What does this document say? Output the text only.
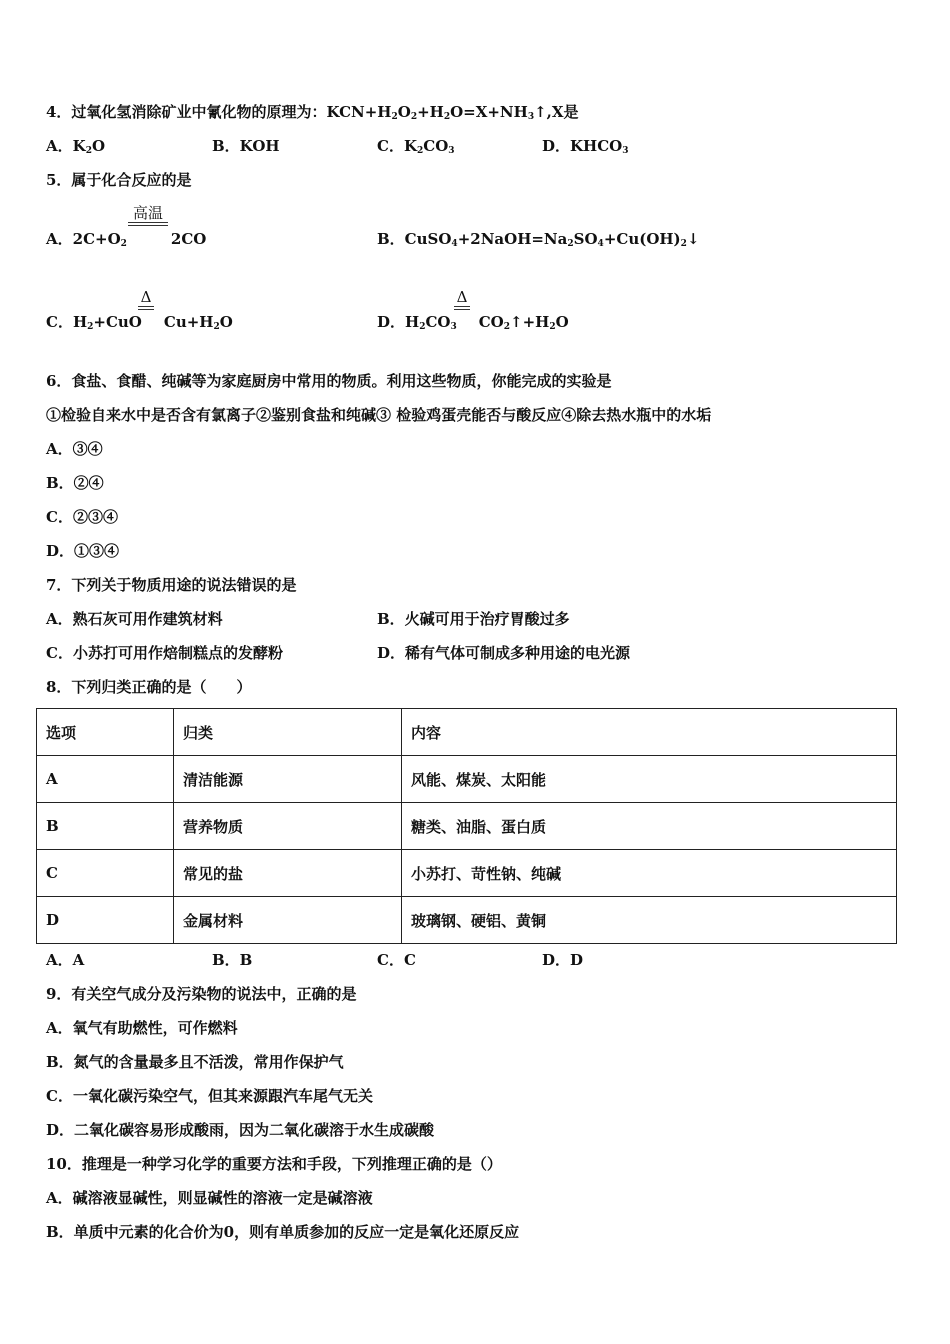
4．过氧化氢消除矿业中氰化物的原理为：$KCN+H_2O_2+H_2O=X+NH_3↑,X$是
A．$K_2O$	B．KOH	C．$K_2CO_3$	D．$KHCO_3$
5．属于化合反应的是
A．$2C+O_2$	2CO
高温
B．$CuSO_4+2NaOH=Na_2SO_4+Cu(OH)_2↓$
C．$H_2+CuO$ $Cu+H_2O$
Δ
D．$H_2CO_3$ $CO_2↑+H_2O$
Δ
6．食盐、食醋、纯碱等为家庭厨房中常用的物质。利用这些物质，你能完成的实验是
①检验自来水中是否含有氯离子②鉴别食盐和纯碱③ 检验鸡蛋壳能否与酸反应④除去热水瓶中的水垢
A．③④
B．②④
C．②③④
D．①③④
7．下列关于物质用途的说法错误的是
A．熟石灰可用作建筑材料	B．火碱可用于治疗胃酸过多
C．小苏打可用作焙制糕点的发酵粉	D．稀有气体可制成多种用途的电光源
8．下列归类正确的是（　　）
选项	归类	内容
A	清洁能源	风能、煤炭、太阳能
B	营养物质	糖类、油脂、蛋白质
C	常见的盐	小苏打、苛性钠、纯碱
D	金属材料	玻璃钢、硬铝、黄铜
A．A	B．B	C．C	D．D
9．有关空气成分及污染物的说法中，正确的是
A．氧气有助燃性，可作燃料
B．氮气的含量最多且不活泼，常用作保护气
C．一氧化碳污染空气，但其来源跟汽车尾气无关
D．二氧化碳容易形成酸雨，因为二氧化碳溶于水生成碳酸
10．推理是一种学习化学的重要方法和手段，下列推理正确的是（）
A．碱溶液显碱性，则显碱性的溶液一定是碱溶液
B．单质中元素的化合价为0，则有单质参加的反应一定是氧化还原反应
